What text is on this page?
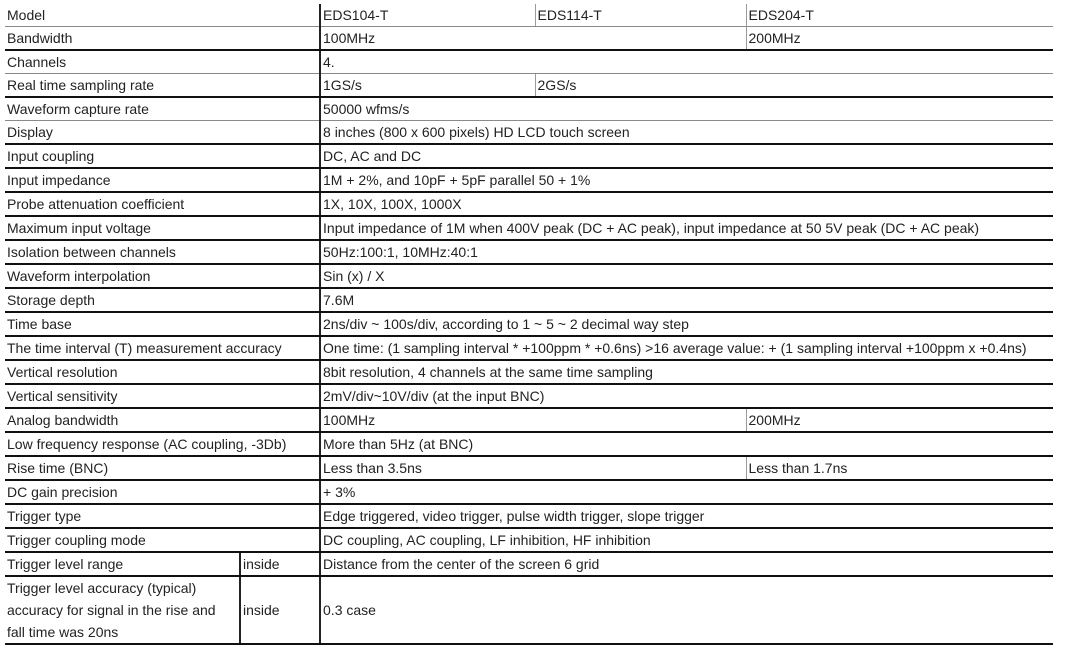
Model		EDS104-T	EDS114-T	EDS204-T
Bandwidth		100MHz		200MHz
Channels		4.		
Real time sampling rate		1GS/s	2GS/s	
Waveform capture rate		50000 wfms/s		
Display		8 inches (800 x 600 pixels) HD LCD touch screen		
Input coupling		DC, AC and DC		
Input impedance		1M + 2%, and 10pF + 5pF parallel 50 + 1%		
Probe attenuation coefficient		1X, 10X, 100X, 1000X		
Maximum input voltage		Input impedance of 1M when 400V peak (DC + AC peak), input impedance at 50 5V peak (DC + AC peak)		
Isolation between channels		50Hz:100:1, 10MHz:40:1		
Waveform interpolation		Sin (x) / X		
Storage depth		7.6M		
Time base		2ns/div ~ 100s/div, according to 1 ~ 5 ~ 2 decimal way step		
The time interval (T) measurement accuracy		One time: (1 sampling interval * +100ppm * +0.6ns) >16 average value: + (1 sampling interval +100ppm x +0.4ns)		
Vertical resolution		8bit resolution, 4 channels at the same time sampling		
Vertical sensitivity		2mV/div~10V/div (at the input BNC)		
Analog bandwidth		100MHz		200MHz
Low frequency response (AC coupling, -3Db)		More than 5Hz (at BNC)		
Rise time (BNC)		Less than 3.5ns		Less than 1.7ns
DC gain precision		+ 3%		
Trigger type		Edge triggered, video trigger, pulse width trigger, slope trigger		
Trigger coupling mode		DC coupling, AC coupling, LF inhibition, HF inhibition		
Trigger level range	inside	Distance from the center of the screen 6 grid		
Trigger level accuracy (typical) accuracy for signal in the rise and fall time was 20ns	inside	0.3 case		
